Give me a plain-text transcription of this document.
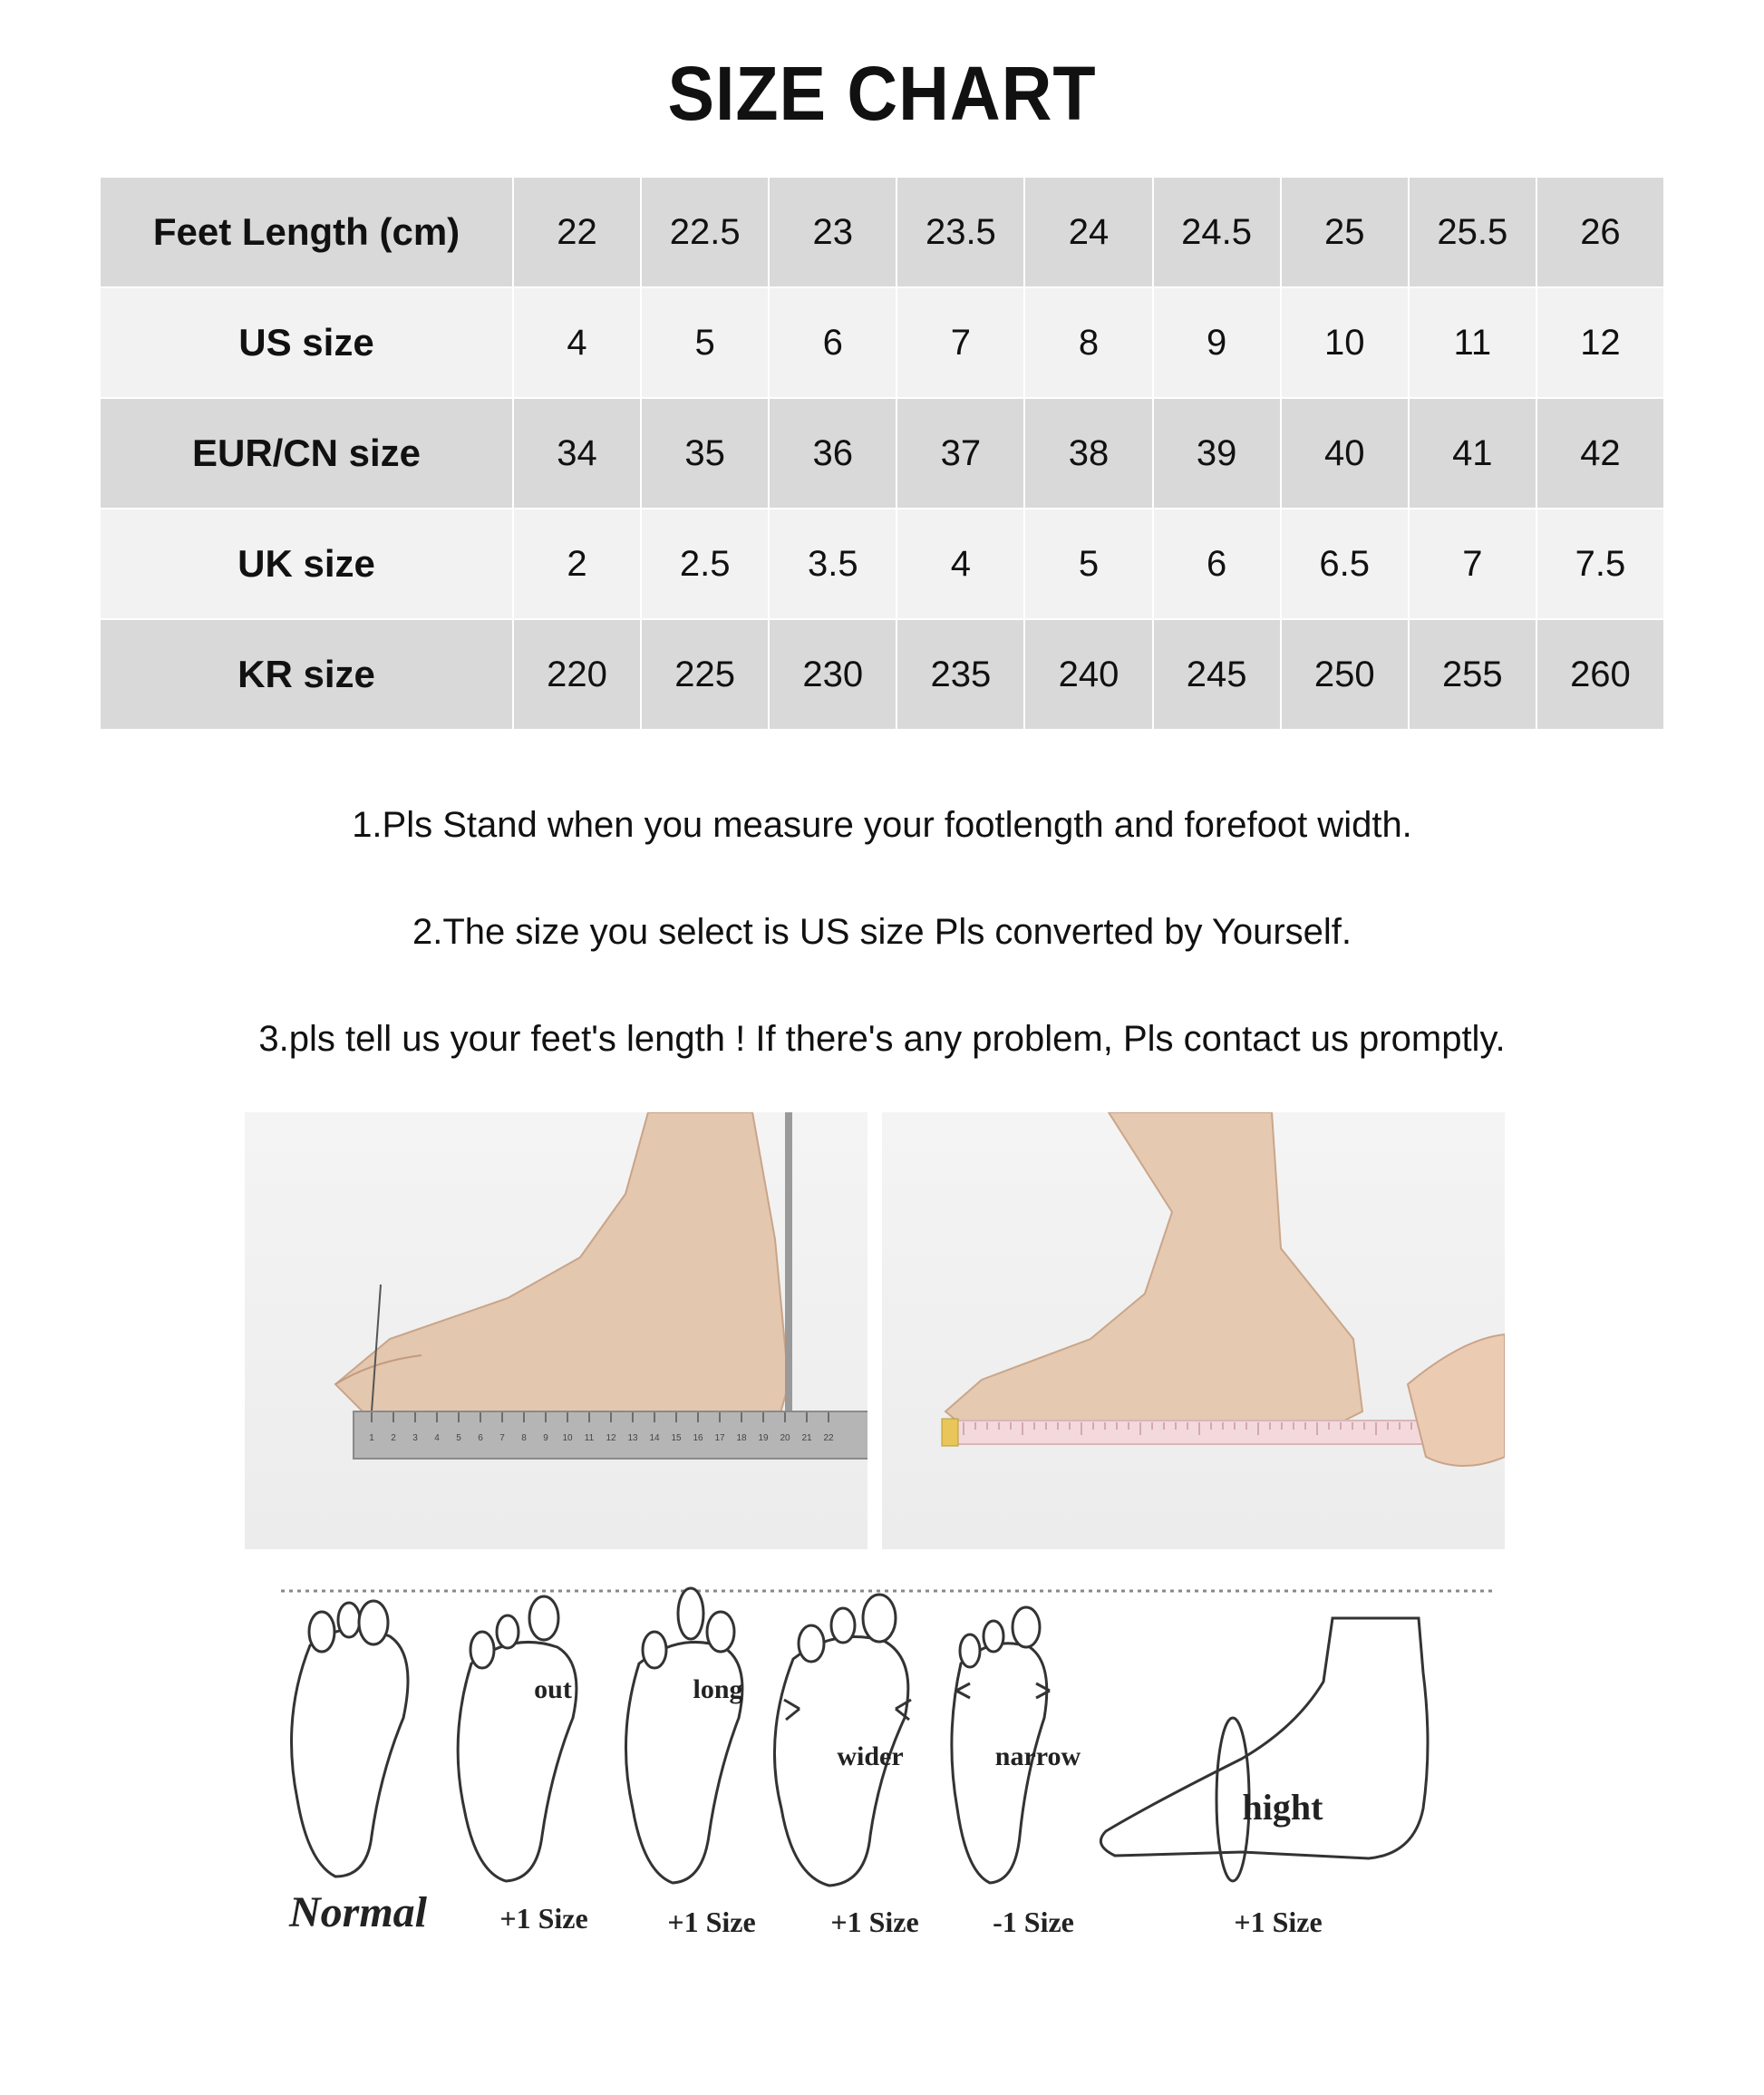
SIZE CHART
Feet Length (cm)	22	22.5	23	23.5	24	24.5	25	25.5	26
US size	4	5	6	7	8	9	10	11	12
EUR/CN size	34	35	36	37	38	39	40	41	42
UK size	2	2.5	3.5	4	5	6	6.5	7	7.5
KR size	220	225	230	235	240	245	250	255	260
1.Pls Stand when you measure your footlength and forefoot width.
2.The size you select is US size Pls converted by Yourself.
3.pls tell us your feet's length ! If there's any problem, Pls contact us promptly.
1 2 3 4 5 6 7 8 9 10 11 12 13 14 15 16 17 18 19 20 21 22
out	long
wider	narrow
hight
Normal	+1 Size	+1 Size	+1 Size	-1 Size	+1 Size
